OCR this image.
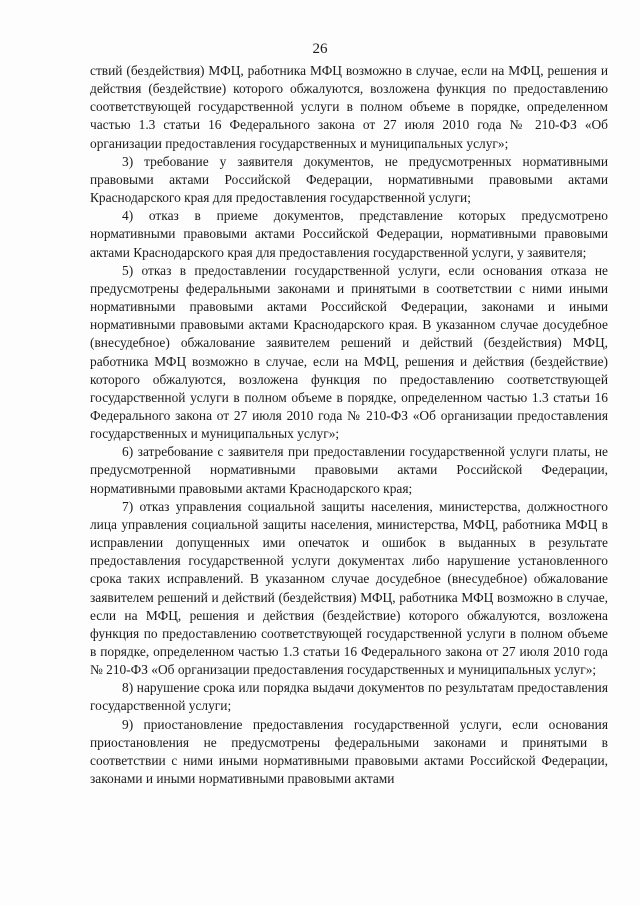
26

ствий (бездействия) МФЦ, работника МФЦ возможно в случае, если на МФЦ, решения и действия (бездействие) которого обжалуются, возложена функция по предоставлению соответствующей государственной услуги в полном объеме в порядке, определенном частью 1.3 статьи 16 Федерального закона от 27 июля 2010 года № 210-ФЗ «Об организации предоставления государственных и муниципальных услуг»;

3) требование у заявителя документов, не предусмотренных нормативными правовыми актами Российской Федерации, нормативными правовыми актами Краснодарского края для предоставления государственной услуги;

4) отказ в приеме документов, представление которых предусмотрено нормативными правовыми актами Российской Федерации, нормативными правовыми актами Краснодарского края для предоставления государственной услуги, у заявителя;

5) отказ в предоставлении государственной услуги, если основания отказа не предусмотрены федеральными законами и принятыми в соответствии с ними иными нормативными правовыми актами Российской Федерации, законами и иными нормативными правовыми актами Краснодарского края. В указанном случае досудебное (внесудебное) обжалование заявителем решений и действий (бездействия) МФЦ, работника МФЦ возможно в случае, если на МФЦ, решения и действия (бездействие) которого обжалуются, возложена функция по предоставлению соответствующей государственной услуги в полном объеме в порядке, определенном частью 1.3 статьи 16 Федерального закона от 27 июля 2010 года № 210-ФЗ «Об организации предоставления государственных и муниципальных услуг»;

6) затребование с заявителя при предоставлении государственной услуги платы, не предусмотренной нормативными правовыми актами Российской Федерации, нормативными правовыми актами Краснодарского края;

7) отказ управления социальной защиты населения, министерства, должностного лица управления социальной защиты населения, министерства, МФЦ, работника МФЦ в исправлении допущенных ими опечаток и ошибок в выданных в результате предоставления государственной услуги документах либо нарушение установленного срока таких исправлений. В указанном случае досудебное (внесудебное) обжалование заявителем решений и действий (бездействия) МФЦ, работника МФЦ возможно в случае, если на МФЦ, решения и действия (бездействие) которого обжалуются, возложена функция по предоставлению соответствующей государственной услуги в полном объеме в порядке, определенном частью 1.3 статьи 16 Федерального закона от 27 июля 2010 года № 210-ФЗ «Об организации предоставления государственных и муниципальных услуг»;

8) нарушение срока или порядка выдачи документов по результатам предоставления государственной услуги;

9) приостановление предоставления государственной услуги, если основания приостановления не предусмотрены федеральными законами и принятыми в соответствии с ними иными нормативными правовыми актами Российской Федерации, законами и иными нормативными правовыми актами
